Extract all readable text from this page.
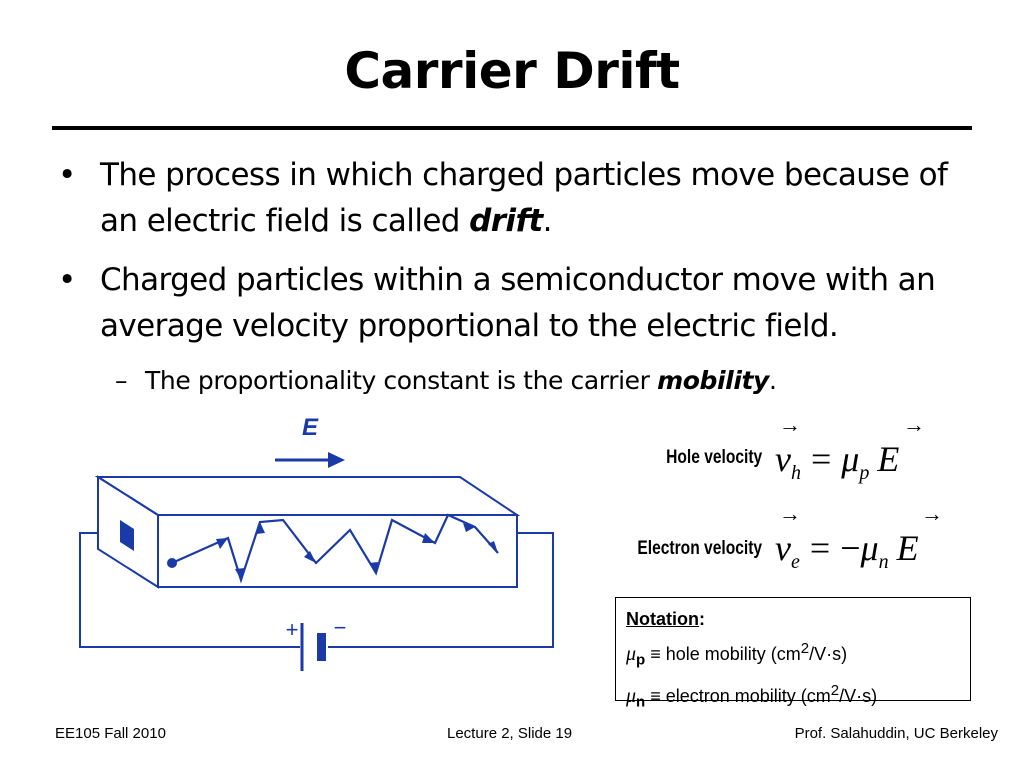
Carrier Drift
• The process in which charged particles move because of an electric field is called drift.
• Charged particles within a semiconductor move with an average velocity proportional to the electric field.
– The proportionality constant is the carrier mobility.
E
+ −
Hole velocity
→	→
$v_h = \mu_p$ E
Electron velocity
→	→
$v_e = -\mu_n$ E
Notation:
$\mu_p$ ≡ hole mobility $(cm^2/V\cdot s)$
$\mu_n$ ≡ electron mobility $(cm^2/V\cdot s)$
EE105 Fall 2010	Lecture 2, Slide 19	Prof. Salahuddin, UC Berkeley
